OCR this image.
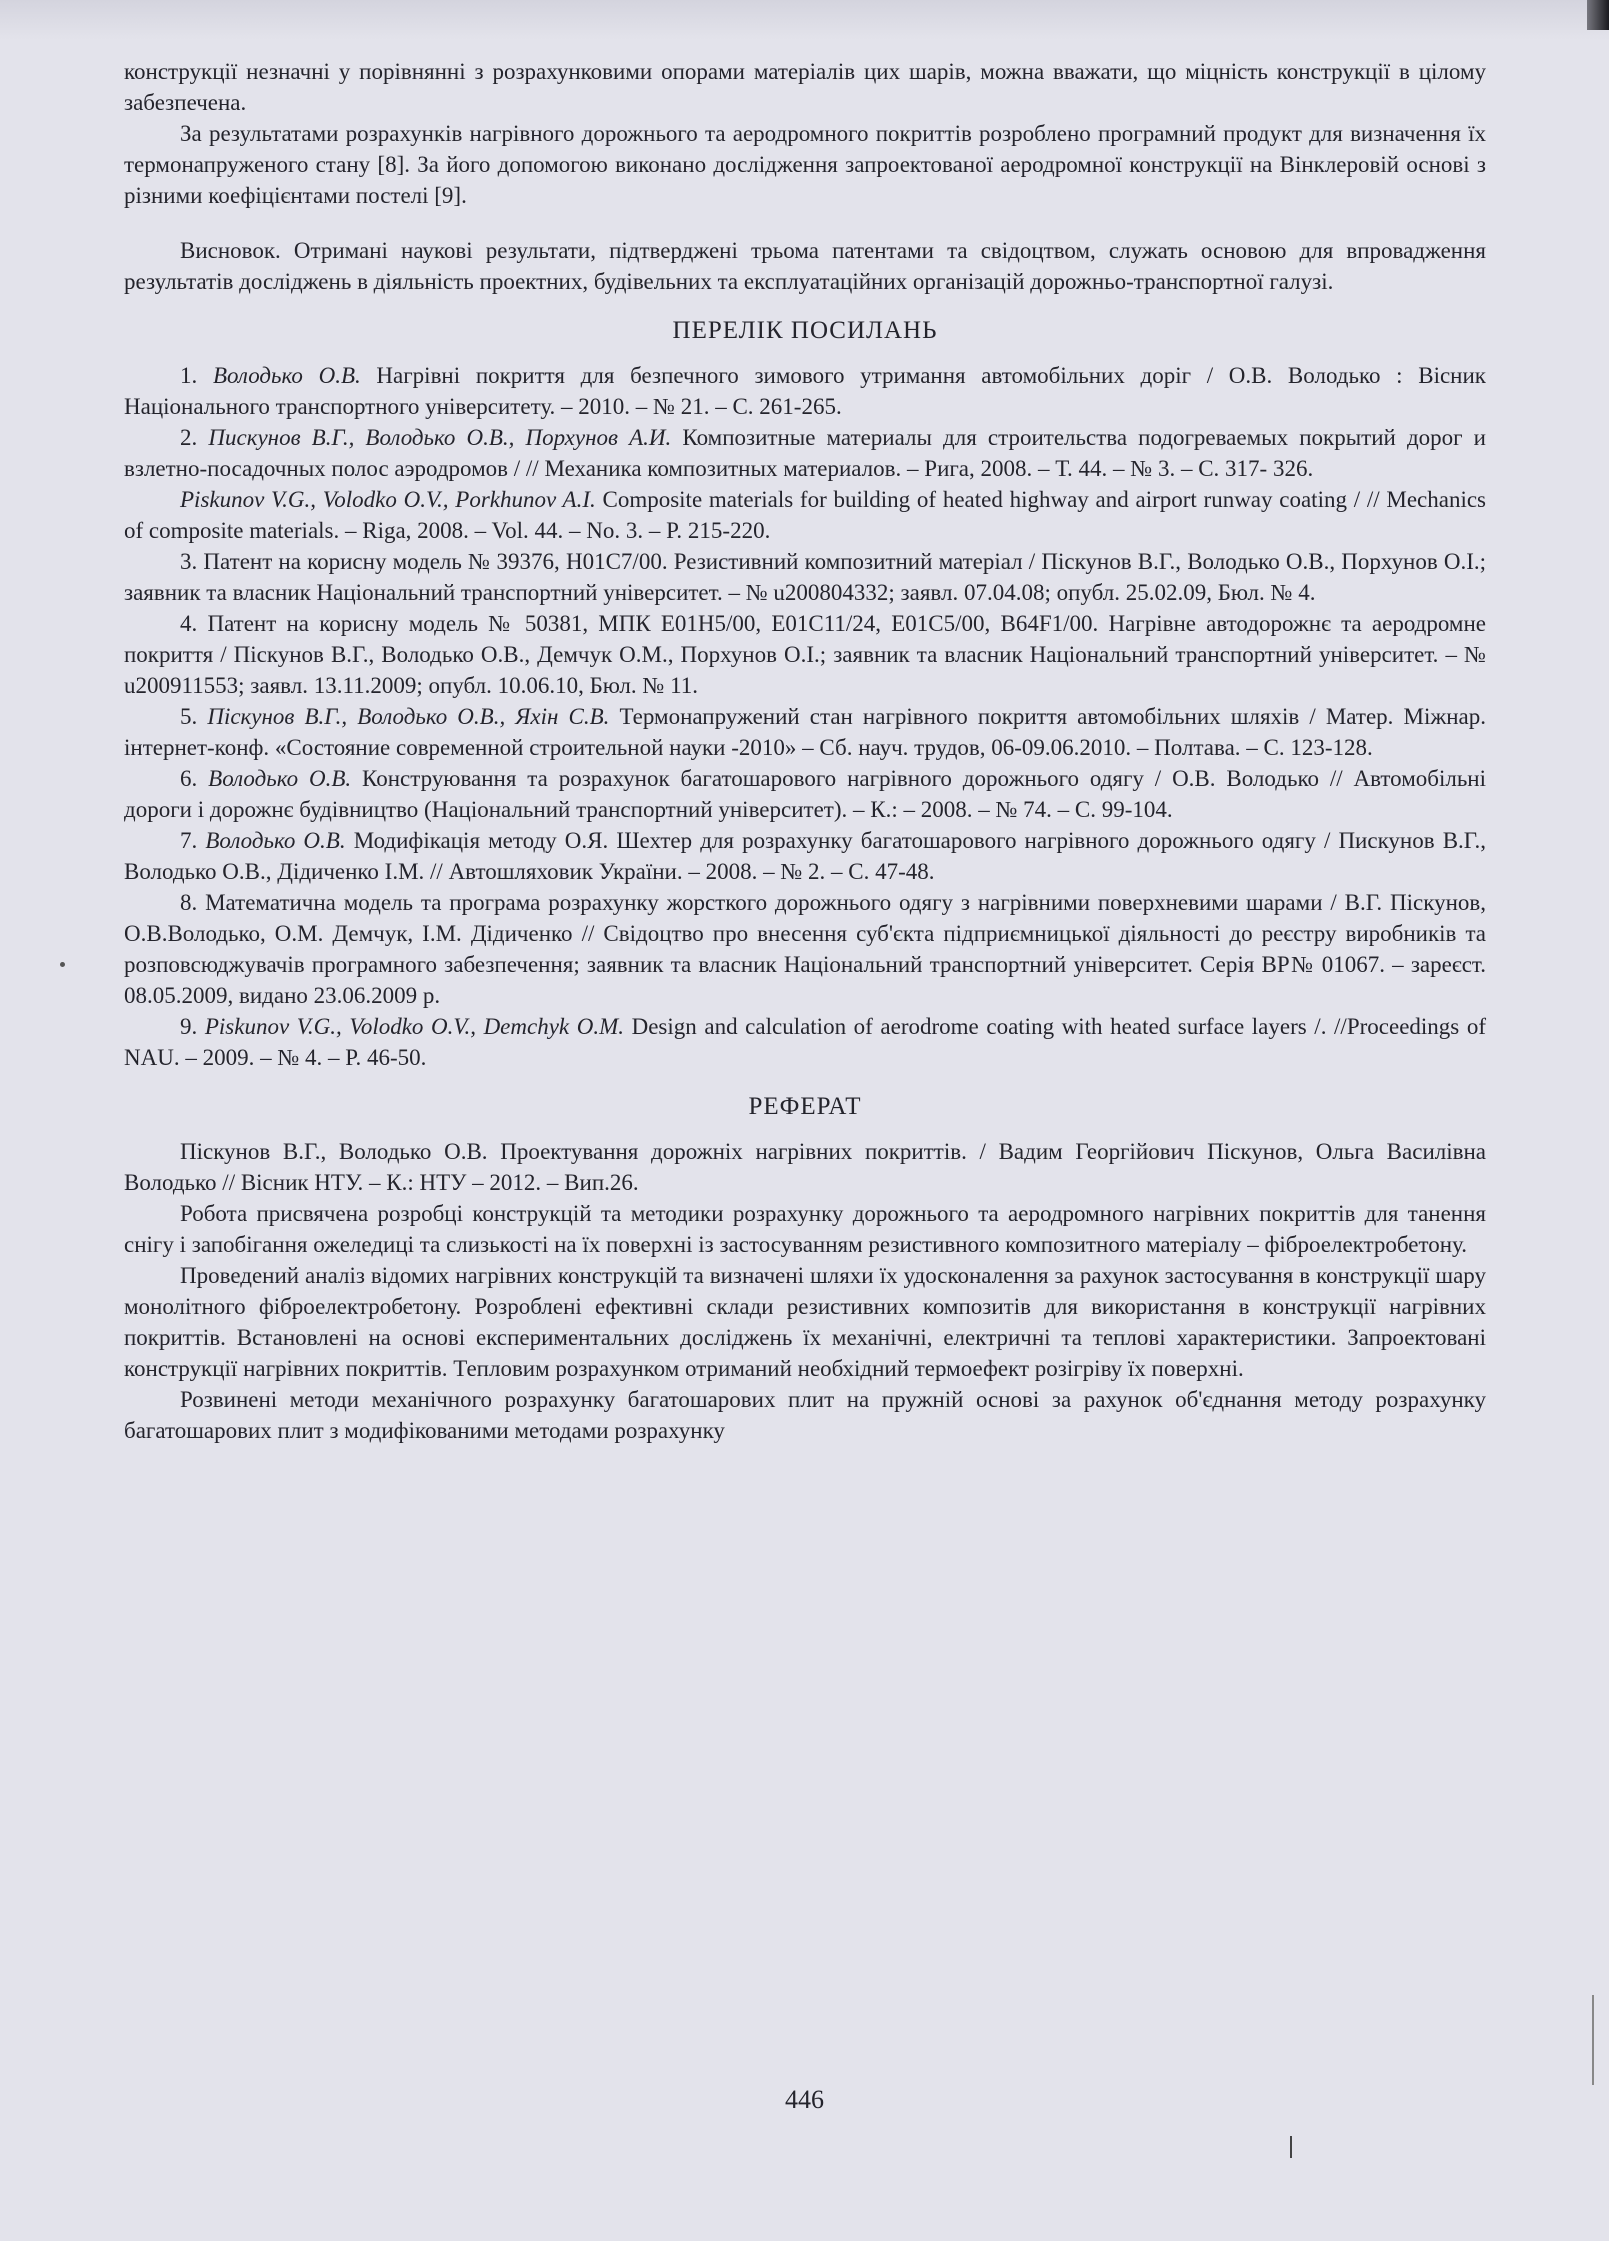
конструкції незначні у порівнянні з розрахунковими опорами матеріалів цих шарів, можна вважати, що міцність конструкції в цілому забезпечена.

За результатами розрахунків нагрівного дорожнього та аеродромного покриттів розроблено програмний продукт для визначення їх термонапруженого стану [8]. За його допомогою виконано дослідження запроектованої аеродромної конструкції на Вінклеровій основі з різними коефіцієнтами постелі [9].

Висновок. Отримані наукові результати, підтверджені трьома патентами та свідоцтвом, служать основою для впровадження результатів досліджень в діяльність проектних, будівельних та експлуатаційних організацій дорожньо-транспортної галузі.

ПЕРЕЛІК ПОСИЛАНЬ

1. Володько О.В. Нагрівні покриття для безпечного зимового утримання автомобільних доріг / О.В. Володько : Вісник Національного транспортного університету. – 2010. – № 21. – С. 261-265.

2. Пискунов В.Г., Володько О.В., Порхунов А.И. Композитные материалы для строительства подогреваемых покрытий дорог и взлетно-посадочных полос аэродромов / // Механика композитных материалов. – Рига, 2008. – Т. 44. – № 3. – С. 317- 326.

Piskunov V.G., Volodko O.V., Porkhunov A.I. Composite materials for building of heated highway and airport runway coating / // Mechanics of composite materials. – Riga, 2008. – Vol. 44. – No. 3. – P. 215-220.

3. Патент на корисну модель № 39376, H01C7/00. Резистивний композитний матеріал / Піскунов В.Г., Володько О.В., Порхунов О.І.; заявник та власник Національний транспортний університет. – № u200804332; заявл. 07.04.08; опубл. 25.02.09, Бюл. № 4.

4. Патент на корисну модель № 50381, МПК E01H5/00, E01C11/24, E01C5/00, B64F1/00. Нагрівне автодорожнє та аеродромне покриття / Піскунов В.Г., Володько О.В., Демчук О.М., Порхунов О.І.; заявник та власник Національний транспортний університет. – № u200911553; заявл. 13.11.2009; опубл. 10.06.10, Бюл. № 11.

5. Піскунов В.Г., Володько О.В., Яхін С.В. Термонапружений стан нагрівного покриття автомобільних шляхів / Матер. Міжнар. інтернет-конф. «Состояние современной строительной науки -2010» – Сб. науч. трудов, 06-09.06.2010. – Полтава. – С. 123-128.

6. Володько О.В. Конструювання та розрахунок багатошарового нагрівного дорожнього одягу / О.В. Володько // Автомобільні дороги і дорожнє будівництво (Національний транспортний університет). – К.: – 2008. – № 74. – С. 99-104.

7. Володько О.В. Модифікація методу О.Я. Шехтер для розрахунку багатошарового нагрівного дорожнього одягу / Пискунов В.Г., Володько О.В., Дідиченко І.М. // Автошляховик України. – 2008. – № 2. – С. 47-48.

8. Математична модель та програма розрахунку жорсткого дорожнього одягу з нагрівними поверхневими шарами / В.Г. Піскунов, О.В.Володько, О.М. Демчук, І.М. Дідиченко // Свідоцтво про внесення суб'єкта підприємницької діяльності до реєстру виробників та розповсюджувачів програмного забезпечення; заявник та власник Національний транспортний університет. Серія ВР№ 01067. – зареєст. 08.05.2009, видано 23.06.2009 р.

9. Piskunov V.G., Volodko O.V., Demchyk O.M. Design and calculation of aerodrome coating with heated surface layers /. //Proceedings of NAU. – 2009. – № 4. – P. 46-50.

РЕФЕРАТ

Піскунов В.Г., Володько О.В. Проектування дорожніх нагрівних покриттів. / Вадим Георгійович Піскунов, Ольга Василівна Володько // Вісник НТУ. – К.: НТУ – 2012. – Вип.26.

Робота присвячена розробці конструкцій та методики розрахунку дорожнього та аеродромного нагрівних покриттів для танення снігу і запобігання ожеледиці та слизькості на їх поверхні із застосуванням резистивного композитного матеріалу – фіброелектробетону.

Проведений аналіз відомих нагрівних конструкцій та визначені шляхи їх удосконалення за рахунок застосування в конструкції шару монолітного фіброелектробетону. Розроблені ефективні склади резистивних композитів для використання в конструкції нагрівних покриттів. Встановлені на основі експериментальних досліджень їх механічні, електричні та теплові характеристики. Запроектовані конструкції нагрівних покриттів. Тепловим розрахунком отриманий необхідний термоефект розігріву їх поверхні.

Розвинені методи механічного розрахунку багатошарових плит на пружній основі за рахунок об'єднання методу розрахунку багатошарових плит з модифікованими методами розрахунку

446
